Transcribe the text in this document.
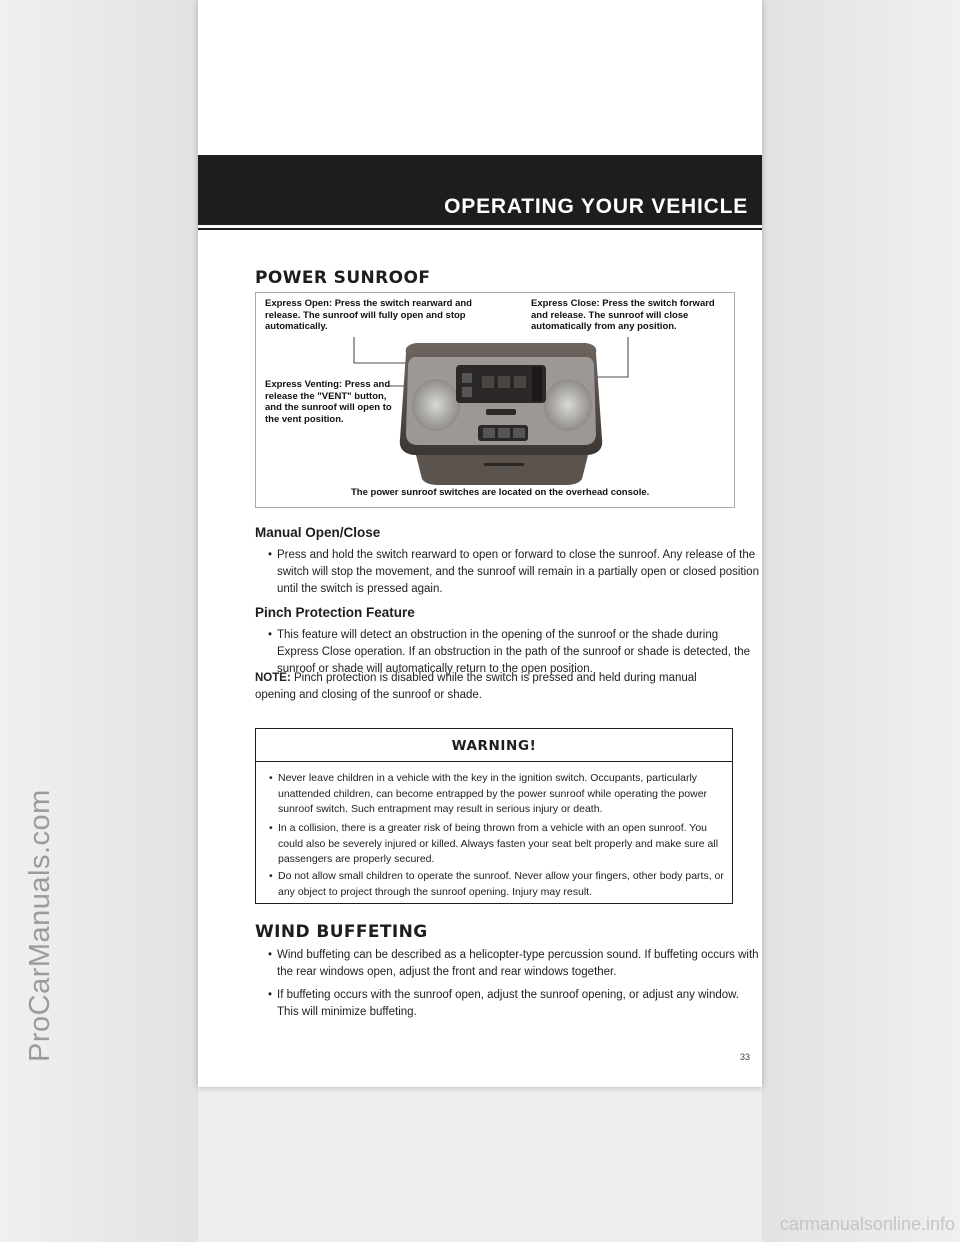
ProCarManuals.com
OPERATING YOUR VEHICLE
POWER SUNROOF
Express Open: Press the switch rearward and release. The sunroof will fully open and stop automatically.
Express Close: Press the switch forward and release. The sunroof will close automatically from any position.
Express Venting: Press and release the "VENT" button, and the sunroof will open to the vent position.
The power sunroof switches are located on the overhead console.
Manual Open/Close
• Press and hold the switch rearward to open or forward to close the sunroof. Any release of the switch will stop the movement, and the sunroof will remain in a partially open or closed position until the switch is pressed again.
Pinch Protection Feature
• This feature will detect an obstruction in the opening of the sunroof or the shade during Express Close operation. If an obstruction in the path of the sunroof or shade is detected, the sunroof or shade will automatically return to the open position.
NOTE: Pinch protection is disabled while the switch is pressed and held during manual opening and closing of the sunroof or shade.
WARNING!
• Never leave children in a vehicle with the key in the ignition switch. Occupants, particularly unattended children, can become entrapped by the power sunroof while operating the power sunroof switch. Such entrapment may result in serious injury or death.
• In a collision, there is a greater risk of being thrown from a vehicle with an open sunroof. You could also be severely injured or killed. Always fasten your seat belt properly and make sure all passengers are properly secured.
• Do not allow small children to operate the sunroof. Never allow your fingers, other body parts, or any object to project through the sunroof opening. Injury may result.
WIND BUFFETING
• Wind buffeting can be described as a helicopter-type percussion sound. If buffeting occurs with the rear windows open, adjust the front and rear windows together.
• If buffeting occurs with the sunroof open, adjust the sunroof opening, or adjust any window. This will minimize buffeting.
33
carmanualsonline.info
